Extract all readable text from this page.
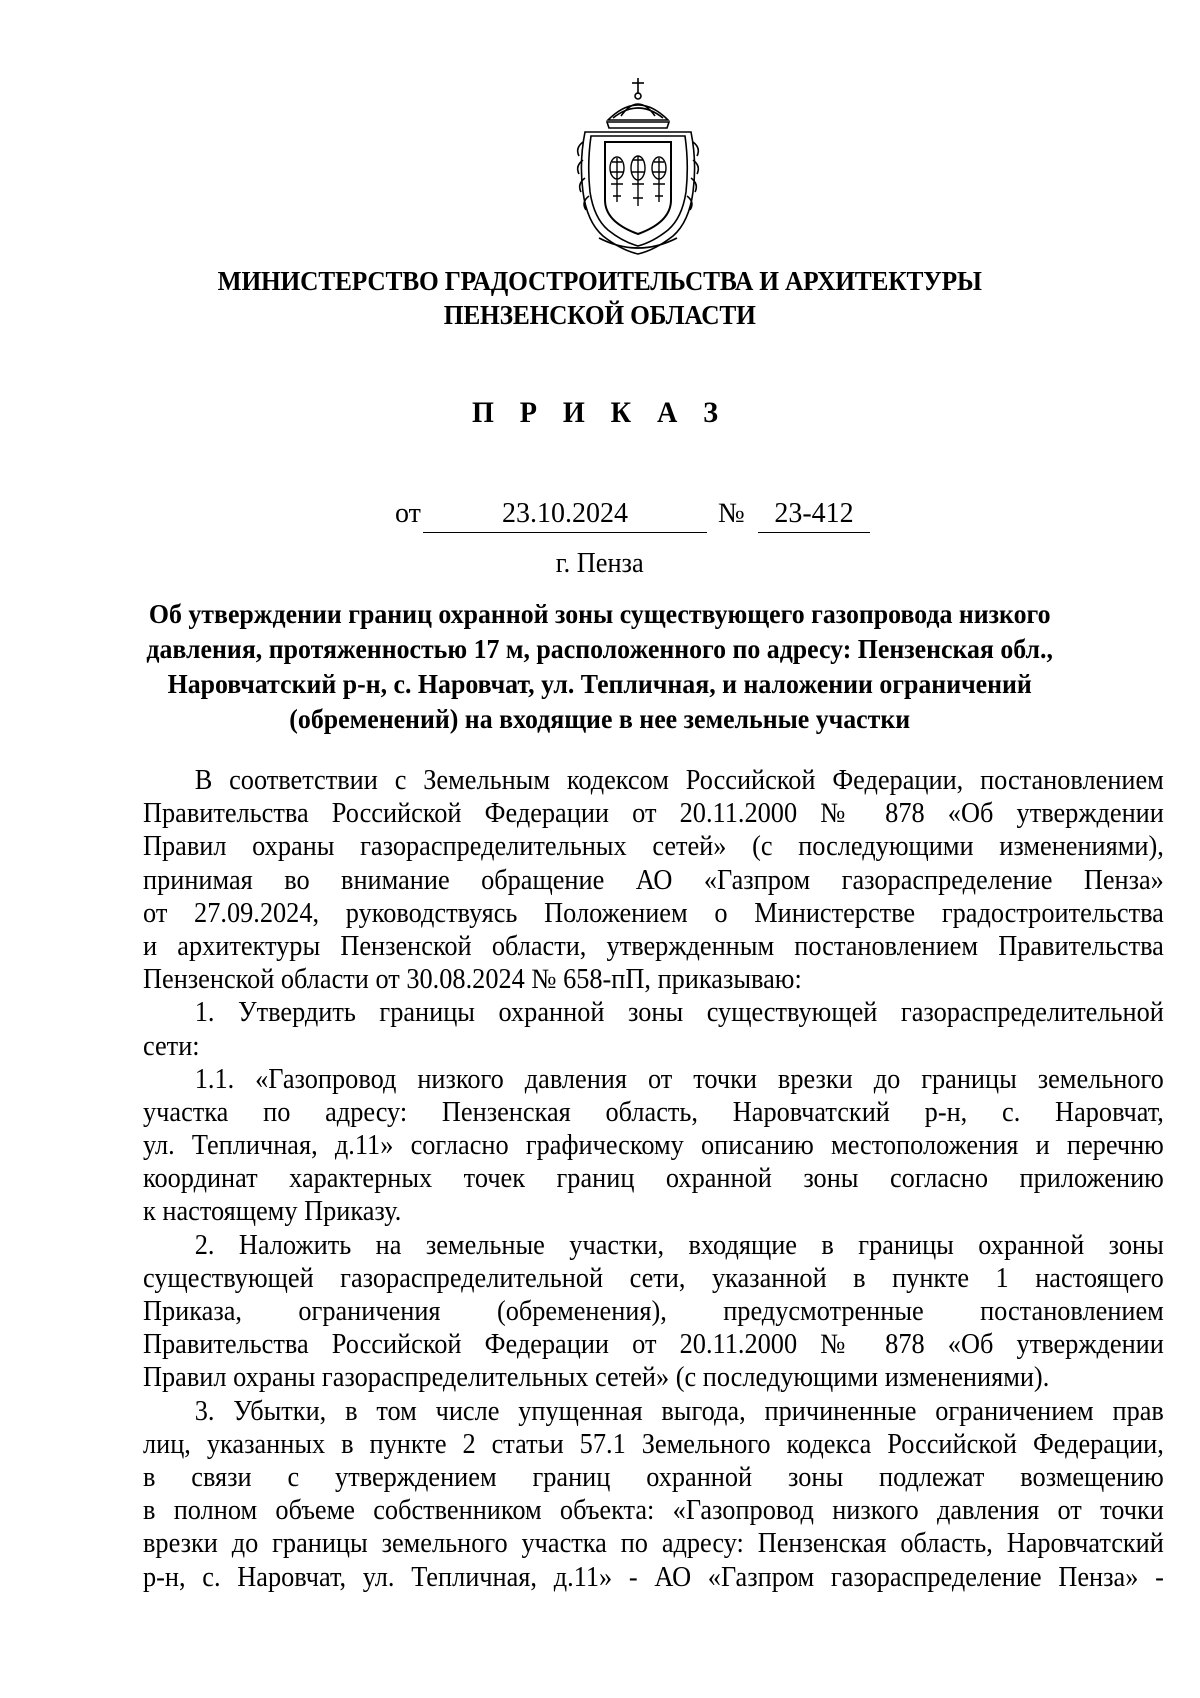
МИНИСТЕРСТВО ГРАДОСТРОИТЕЛЬСТВА И АРХИТЕКТУРЫ
ПЕНЗЕНСКОЙ ОБЛАСТИ
П Р И К А З
от	23.10.2024	№	23-412
г. Пенза
Об утверждении границ охранной зоны существующего газопровода низкого
давления, протяженностью 17 м, расположенного по адресу: Пензенская обл.,
Наровчатский р-н, с. Наровчат, ул. Тепличная, и наложении ограничений
(обременений) на входящие в нее земельные участки
В соответствии с Земельным кодексом Российской Федерации, постановлением
Правительства Российской Федерации от 20.11.2000 № 878 «Об утверждении
Правил охраны газораспределительных сетей» (с последующими изменениями),
принимая во внимание обращение АО «Газпром газораспределение Пенза»
от 27.09.2024, руководствуясь Положением о Министерстве градостроительства
и архитектуры Пензенской области, утвержденным постановлением Правительства
Пензенской области от 30.08.2024 № 658-пП, приказываю:
1. Утвердить границы охранной зоны существующей газораспределительной
сети:
1.1. «Газопровод низкого давления от точки врезки до границы земельного
участка по адресу: Пензенская область, Наровчатский р-н, с. Наровчат,
ул. Тепличная, д.11» согласно графическому описанию местоположения и перечню
координат характерных точек границ охранной зоны согласно приложению
к настоящему Приказу.
2. Наложить на земельные участки, входящие в границы охранной зоны
существующей газораспределительной сети, указанной в пункте 1 настоящего
Приказа, ограничения (обременения), предусмотренные постановлением
Правительства Российской Федерации от 20.11.2000 № 878 «Об утверждении
Правил охраны газораспределительных сетей» (с последующими изменениями).
3. Убытки, в том числе упущенная выгода, причиненные ограничением прав
лиц, указанных в пункте 2 статьи 57.1 Земельного кодекса Российской Федерации,
в связи с утверждением границ охранной зоны подлежат возмещению
в полном объеме собственником объекта: «Газопровод низкого давления от точки
врезки до границы земельного участка по адресу: Пензенская область, Наровчатский
р-н, с. Наровчат, ул. Тепличная, д.11» - АО «Газпром газораспределение Пенза» -
